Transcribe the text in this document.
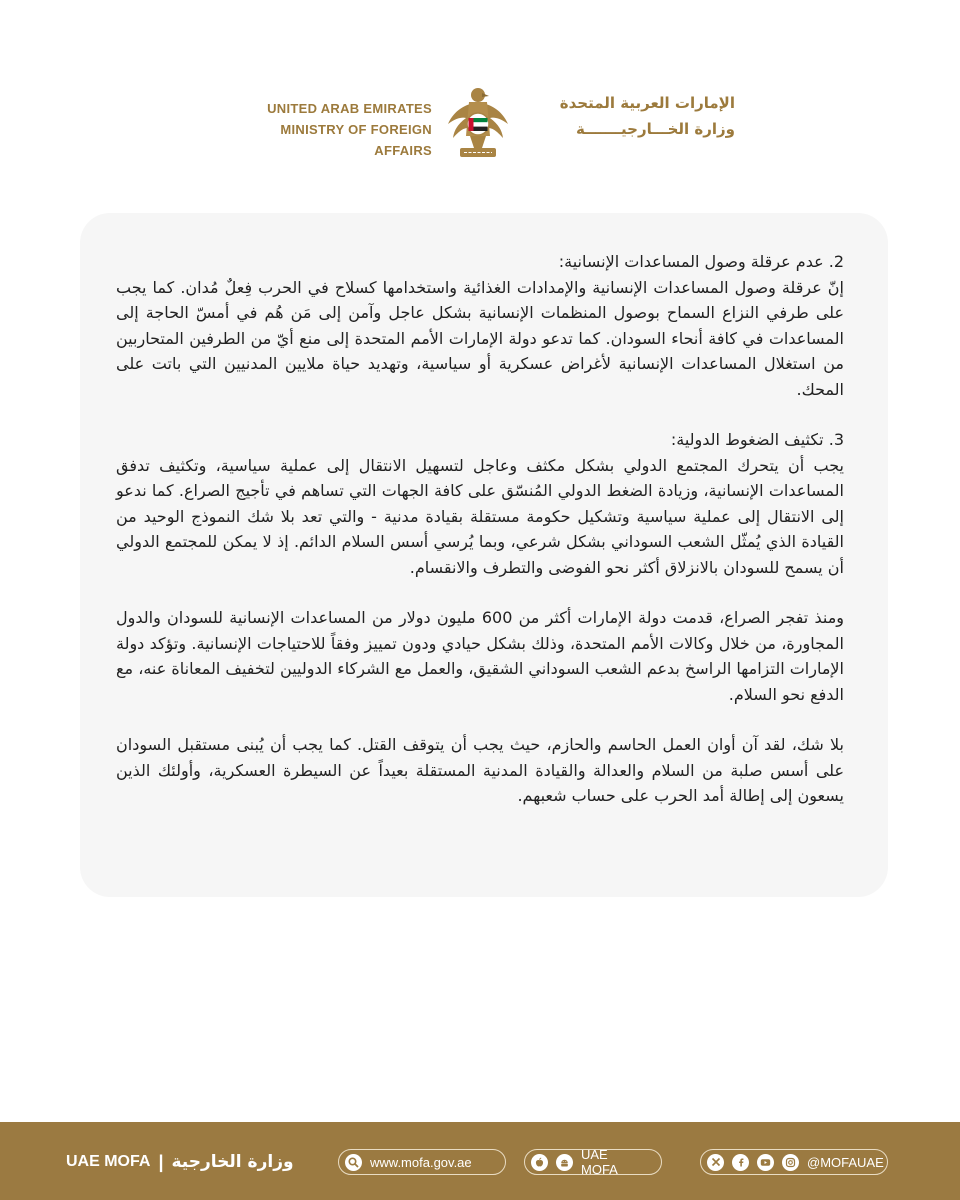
UNITED ARAB EMIRATES
MINISTRY OF FOREIGN AFFAIRS
الإمارات العربية المتحدة
وزارة الخـــارجيـــــــة

2. عدم عرقلة وصول المساعدات الإنسانية:
إنّ عرقلة وصول المساعدات الإنسانية والإمدادات الغذائية واستخدامها كسلاح في الحرب فِعلٌ مُدان. كما يجب على طرفي النزاع السماح بوصول المنظمات الإنسانية بشكل عاجل وآمن إلى مَن هُم في أمسّ الحاجة إلى المساعدات في كافة أنحاء السودان. كما تدعو دولة الإمارات الأمم المتحدة إلى منع أيّ من الطرفين المتحاربين من استغلال المساعدات الإنسانية لأغراض عسكرية أو سياسية، وتهديد حياة ملايين المدنيين التي باتت على المحك.

3. تكثيف الضغوط الدولية:
يجب أن يتحرك المجتمع الدولي بشكل مكثف وعاجل لتسهيل الانتقال إلى عملية سياسية، وتكثيف تدفق المساعدات الإنسانية، وزيادة الضغط الدولي المُنسّق على كافة الجهات التي تساهم في تأجيج الصراع. كما ندعو إلى الانتقال إلى عملية سياسية وتشكيل حكومة مستقلة بقيادة مدنية - والتي تعد بلا شك النموذج الوحيد من القيادة الذي يُمثّل الشعب السوداني بشكل شرعي، وبما يُرسي أسس السلام الدائم. إذ لا يمكن للمجتمع الدولي أن يسمح للسودان بالانزلاق أكثر نحو الفوضى والتطرف والانقسام.

ومنذ تفجر الصراع، قدمت دولة الإمارات أكثر من 600 مليون دولار من المساعدات الإنسانية للسودان والدول المجاورة، من خلال وكالات الأمم المتحدة، وذلك بشكل حيادي ودون تمييز وفقاً للاحتياجات الإنسانية. وتؤكد دولة الإمارات التزامها الراسخ بدعم الشعب السوداني الشقيق، والعمل مع الشركاء الدوليين لتخفيف المعاناة عنه، مع الدفع نحو السلام.

بلا شك، لقد آن أوان العمل الحاسم والحازم، حيث يجب أن يتوقف القتل. كما يجب أن يُبنى مستقبل السودان على أسس صلبة من السلام والعدالة والقيادة المدنية المستقلة بعيداً عن السيطرة العسكرية، وأولئك الذين يسعون إلى إطالة أمد الحرب على حساب شعبهم.

UAE MOFA | وزارة الخارجية	www.mofa.gov.ae	UAE MOFA	@MOFAUAE
